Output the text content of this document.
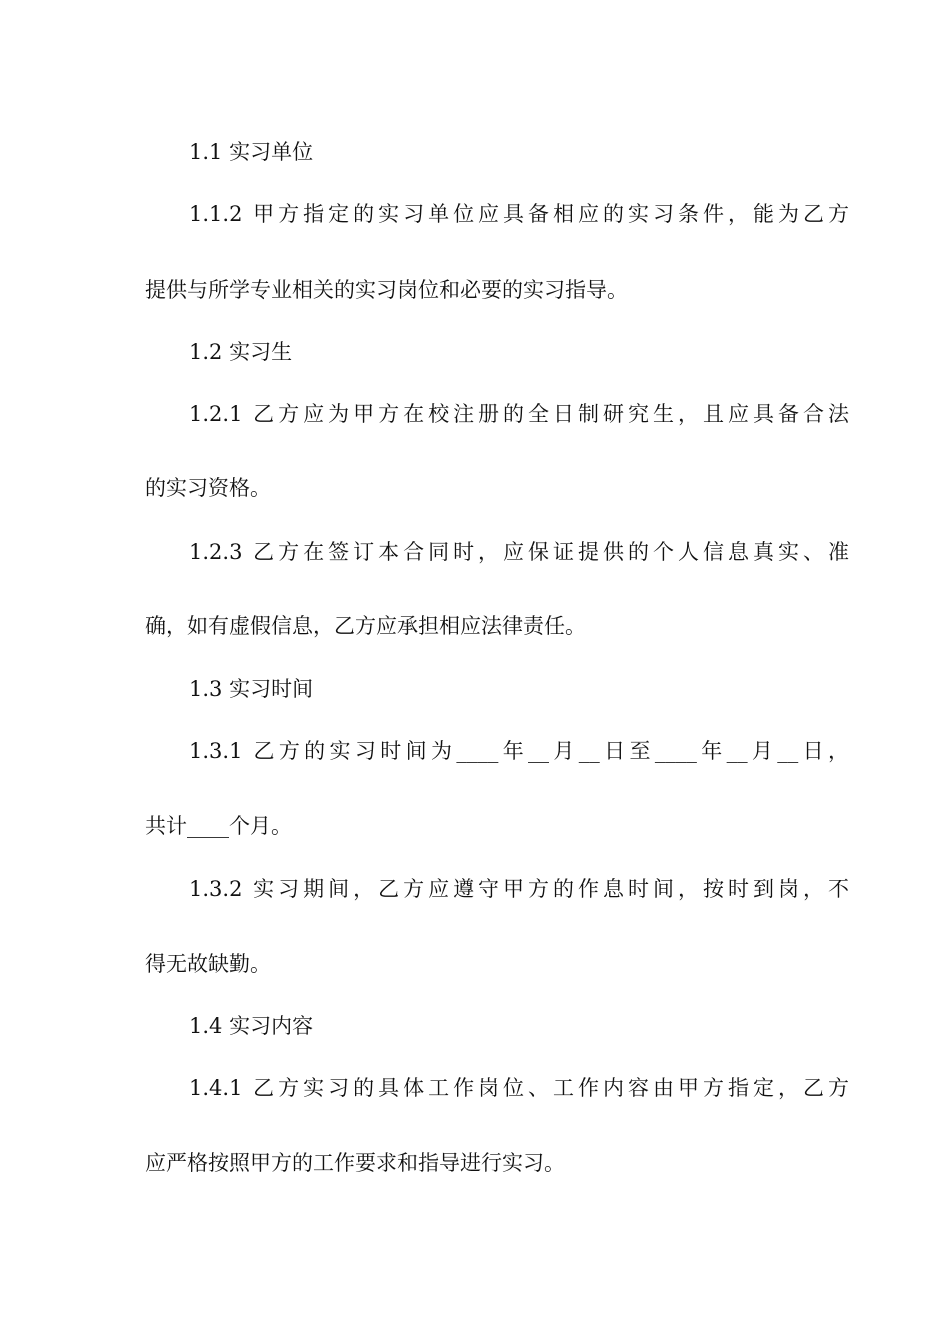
1.1 实习单位
1.1.2 甲方指定的实习单位应具备相应的实习条件，能为乙方
提供与所学专业相关的实习岗位和必要的实习指导。
1.2 实习生
1.2.1 乙方应为甲方在校注册的全日制研究生，且应具备合法
的实习资格。
1.2.3 乙方在签订本合同时，应保证提供的个人信息真实、准
确，如有虚假信息，乙方应承担相应法律责任。
1.3 实习时间
1.3.1 乙方的实习时间为____年__月__日至____年__月__日，
共计____个月。
1.3.2 实习期间，乙方应遵守甲方的作息时间，按时到岗，不
得无故缺勤。
1.4 实习内容
1.4.1 乙方实习的具体工作岗位、工作内容由甲方指定，乙方
应严格按照甲方的工作要求和指导进行实习。
